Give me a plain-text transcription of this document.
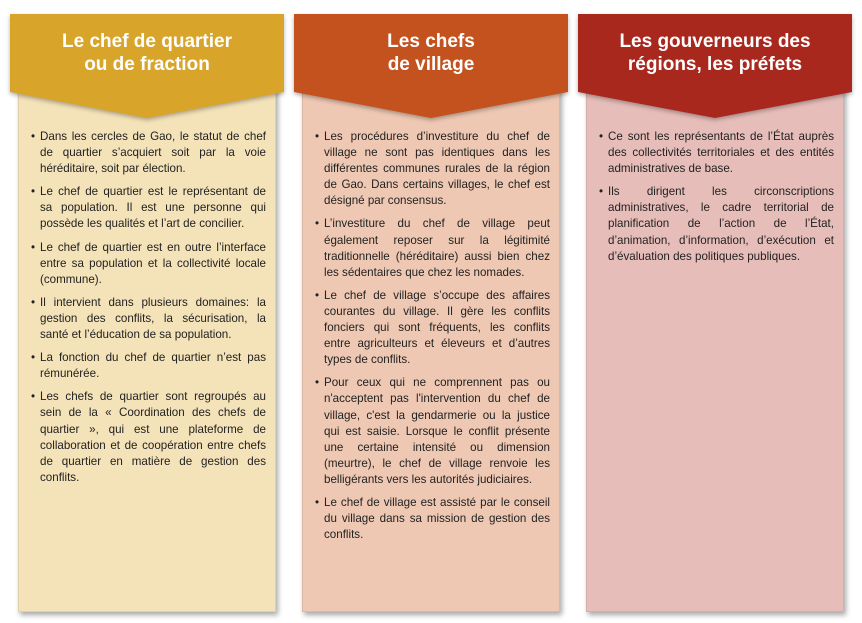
Le chef de quartier
ou de fraction
• Dans les cercles de Gao, le statut de chef de quartier s’acquiert soit par la voie héréditaire, soit par élection.
• Le chef de quartier est le représentant de sa population. Il est une personne qui possède les qualités et l’art de concilier.
• Le chef de quartier est en outre l’interface entre sa population et la collectivité locale (commune).
• Il intervient dans plusieurs domaines: la gestion des conflits, la sécurisation, la santé et l’éducation de sa population.
• La fonction du chef de quartier n’est pas rémunérée.
• Les chefs de quartier sont regroupés au sein de la « Coordination des chefs de quartier », qui est une plateforme de collaboration et de coopération entre chefs de quartier en matière de gestion des conflits.
Les chefs
de village
• Les procédures d’investiture du chef de village ne sont pas identiques dans les différentes communes rurales de la région de Gao. Dans certains villages, le chef est désigné par consensus.
• L’investiture du chef de village peut également reposer sur la légitimité traditionnelle (héréditaire) aussi bien chez les sédentaires que chez les nomades.
• Le chef de village s’occupe des affaires courantes du village. Il gère les conflits fonciers qui sont fréquents, les conflits entre agriculteurs et éleveurs et d’autres types de conflits.
• Pour ceux qui ne comprennent pas ou n'acceptent pas l'intervention du chef de village, c'est la gendarmerie ou la justice qui est saisie. Lorsque le conflit présente une certaine intensité ou dimension (meurtre), le chef de village renvoie les belligérants vers les autorités judiciaires.
• Le chef de village est assisté par le conseil du village dans sa mission de gestion des conflits.
Les gouverneurs des
régions, les préfets
• Ce sont les représentants de l’État auprès des collectivités territoriales et des entités administratives de base.
• Ils dirigent les circonscriptions administratives, le cadre territorial de planification de l’action de l’État, d’animation, d’information, d’exécution et d’évaluation des politiques publiques.
